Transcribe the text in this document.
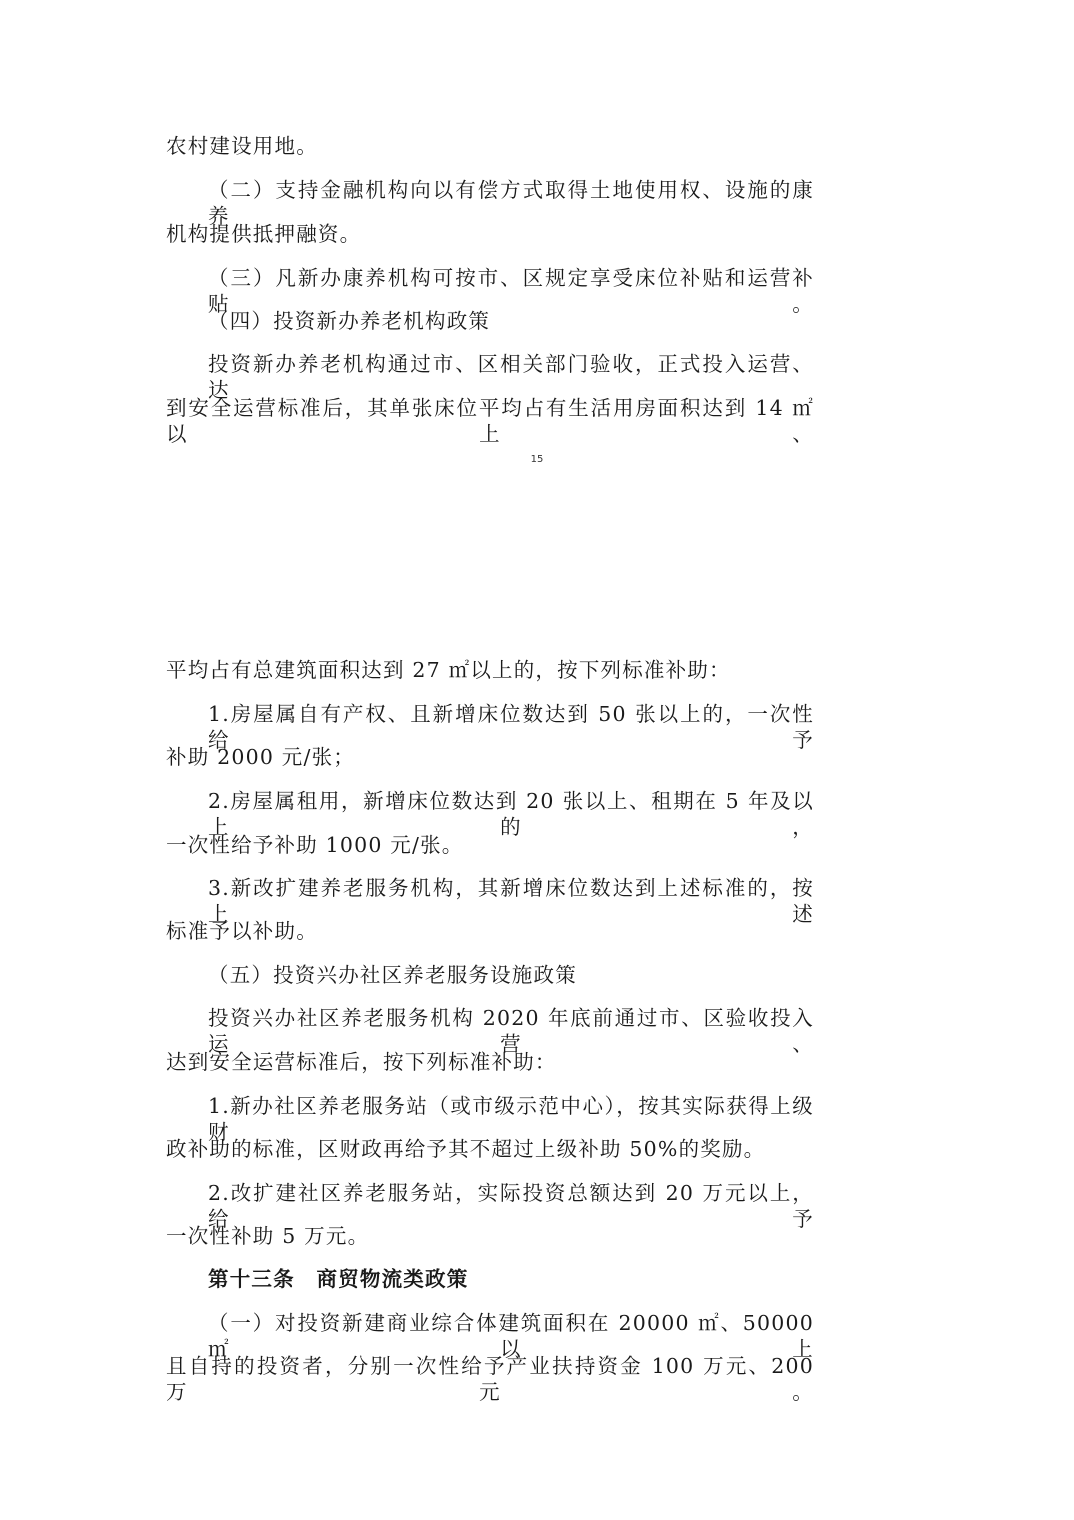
农村建设用地。
（二）支持金融机构向以有偿方式取得土地使用权、设施的康养
机构提供抵押融资。
（三）凡新办康养机构可按市、区规定享受床位补贴和运营补贴。
（四）投资新办养老机构政策
投资新办养老机构通过市、区相关部门验收，正式投入运营、达
到安全运营标准后，其单张床位平均占有生活用房面积达到 14 ㎡以上、
15
平均占有总建筑面积达到 27 ㎡以上的，按下列标准补助：
1.房屋属自有产权、且新增床位数达到 50 张以上的，一次性给予
补助 2000 元/张；
2.房屋属租用，新增床位数达到 20 张以上、租期在 5 年及以上的，
一次性给予补助 1000 元/张。
3.新改扩建养老服务机构，其新增床位数达到上述标准的，按上述
标准予以补助。
（五）投资兴办社区养老服务设施政策
投资兴办社区养老服务机构 2020 年底前通过市、区验收投入运营、
达到安全运营标准后，按下列标准补助：
1.新办社区养老服务站（或市级示范中心），按其实际获得上级财
政补助的标准，区财政再给予其不超过上级补助 50%的奖励。
2.改扩建社区养老服务站，实际投资总额达到 20 万元以上，给予
一次性补助 5 万元。
第十三条　商贸物流类政策
（一）对投资新建商业综合体建筑面积在 20000 ㎡、50000 ㎡以上
且自持的投资者，分别一次性给予产业扶持资金 100 万元、200 万元。
